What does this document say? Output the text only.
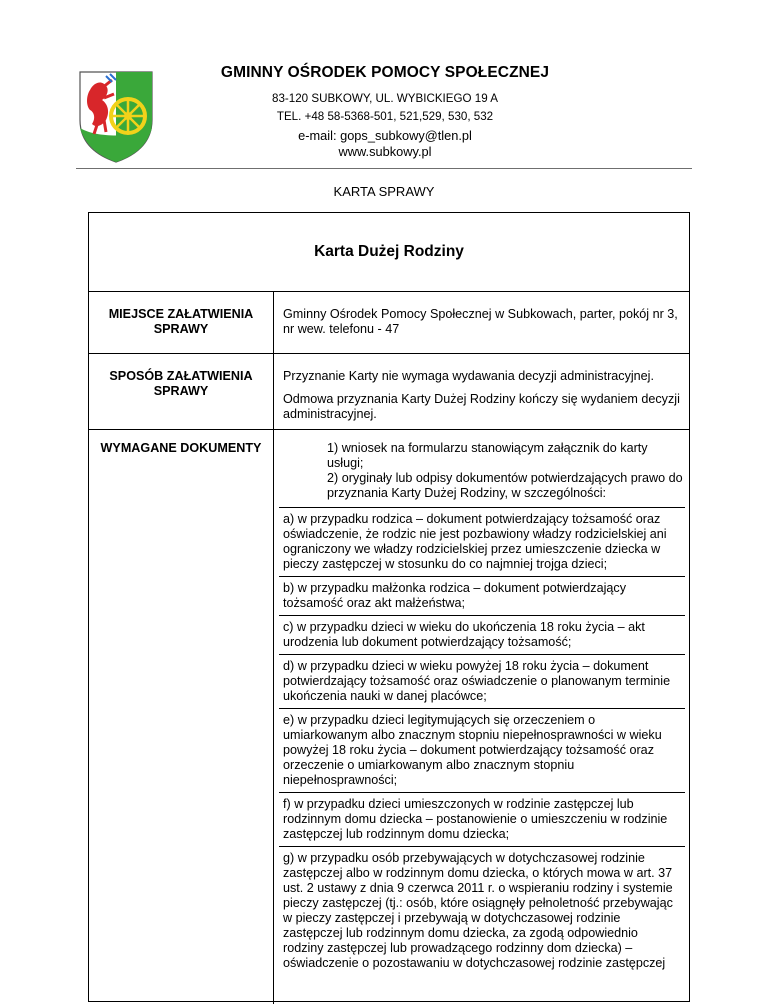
GMINNY OŚRODEK POMOCY SPOŁECZNEJ
83-120 SUBKOWY, UL. WYBICKIEGO 19 A
TEL. +48 58-5368-501, 521,529, 530, 532
e-mail: gops_subkowy@tlen.pl
www.subkowy.pl
KARTA SPRAWY
Karta Dużej Rodziny
MIEJSCE ZAŁATWIENIA SPRAWY
Gminny Ośrodek Pomocy Społecznej w Subkowach, parter, pokój nr 3, nr wew. telefonu - 47
SPOSÓB ZAŁATWIENIA SPRAWY

Przyznanie Karty nie wymaga wydawania decyzji administracyjnej.

Odmowa przyznania Karty Dużej Rodziny kończy się wydaniem decyzji administracyjnej.

WYMAGANE DOKUMENTY	1) wniosek na formularzu stanowiącym załącznik do karty usługi;
2) oryginały lub odpisy dokumentów potwierdzających prawo do przyznania Karty Dużej Rodziny, w szczególności:
a) w przypadku rodzica – dokument potwierdzający tożsamość oraz oświadczenie, że rodzic nie jest pozbawiony władzy rodzicielskiej ani ograniczony we władzy rodzicielskiej przez umieszczenie dziecka w pieczy zastępczej w stosunku do co najmniej trojga dzieci;
b) w przypadku małżonka rodzica – dokument potwierdzający tożsamość oraz akt małżeństwa;
c) w przypadku dzieci w wieku do ukończenia 18 roku życia – akt urodzenia lub dokument potwierdzający tożsamość;
d) w przypadku dzieci w wieku powyżej 18 roku życia – dokument potwierdzający tożsamość oraz oświadczenie o planowanym terminie ukończenia nauki w danej placówce;
e) w przypadku dzieci legitymujących się orzeczeniem o umiarkowanym albo znacznym stopniu niepełnosprawności w wieku powyżej 18 roku życia – dokument potwierdzający tożsamość oraz orzeczenie o umiarkowanym albo znacznym stopniu niepełnosprawności;
f) w przypadku dzieci umieszczonych w rodzinie zastępczej lub rodzinnym domu dziecka – postanowienie o umieszczeniu w rodzinie zastępczej lub rodzinnym domu dziecka;
g) w przypadku osób przebywających w dotychczasowej rodzinie zastępczej albo w rodzinnym domu dziecka, o których mowa w art. 37 ust. 2 ustawy z dnia 9 czerwca 2011 r. o wspieraniu rodziny i systemie pieczy zastępczej (tj.: osób, które osiągnęły pełnoletność przebywając w pieczy zastępczej i przebywają w dotychczasowej rodzinie zastępczej lub rodzinnym domu dziecka, za zgodą odpowiednio rodziny zastępczej lub prowadzącego rodzinny dom dziecka) – oświadczenie o pozostawaniu w dotychczasowej rodzinie zastępczej
